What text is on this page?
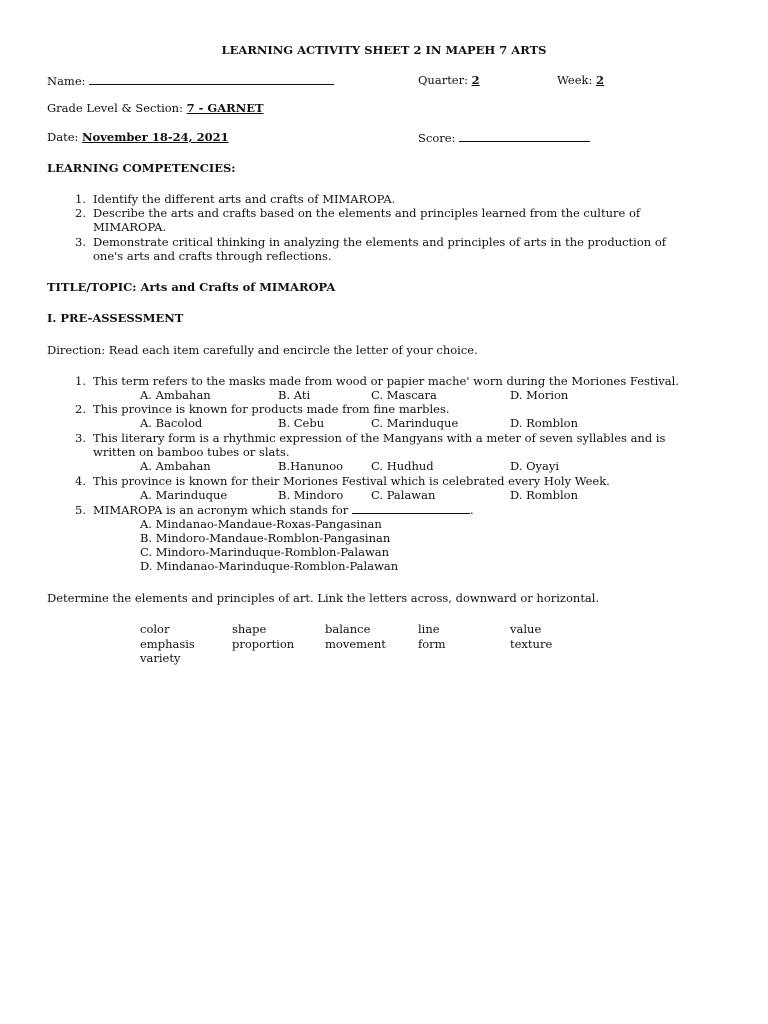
LEARNING ACTIVITY SHEET 2 IN MAPEH 7 ARTS
Name:	Quarter: 2	Week: 2
Grade Level & Section: 7 - GARNET
Date: November 18-24, 2021	Score:
LEARNING COMPETENCIES:
1. Identify the different arts and crafts of MIMAROPA.
2. Describe the arts and crafts based on the elements and principles learned from the culture of
MIMAROPA.
3. Demonstrate critical thinking in analyzing the elements and principles of arts in the production of
one's arts and crafts through reflections.
TITLE/TOPIC: Arts and Crafts of MIMAROPA
I. PRE-ASSESSMENT
Direction: Read each item carefully and encircle the letter of your choice.
1. This term refers to the masks made from wood or papier mache' worn during the Moriones Festival.
A. Ambahan	B. Ati	C. Mascara	D. Morion
2. This province is known for products made from fine marbles.
A. Bacolod	B. Cebu	C. Marinduque	D. Romblon
3. This literary form is a rhythmic expression of the Mangyans with a meter of seven syllables and is
written on bamboo tubes or slats.
A. Ambahan	B.Hanunoo C. Hudhud	D. Oyayi
4. This province is known for their Moriones Festival which is celebrated every Holy Week.
A. Marinduque	B. Mindoro C. Palawan	D. Romblon
5. MIMAROPA is an acronym which stands for	.
A. Mindanao-Mandaue-Roxas-Pangasinan
B. Mindoro-Mandaue-Romblon-Pangasinan
C. Mindoro-Marinduque-Romblon-Palawan
D. Mindanao-Marinduque-Romblon-Palawan
Determine the elements and principles of art. Link the letters across, downward or horizontal.
color	shape	balance	line	value
emphasis	proportion	movement	form	texture
variety
